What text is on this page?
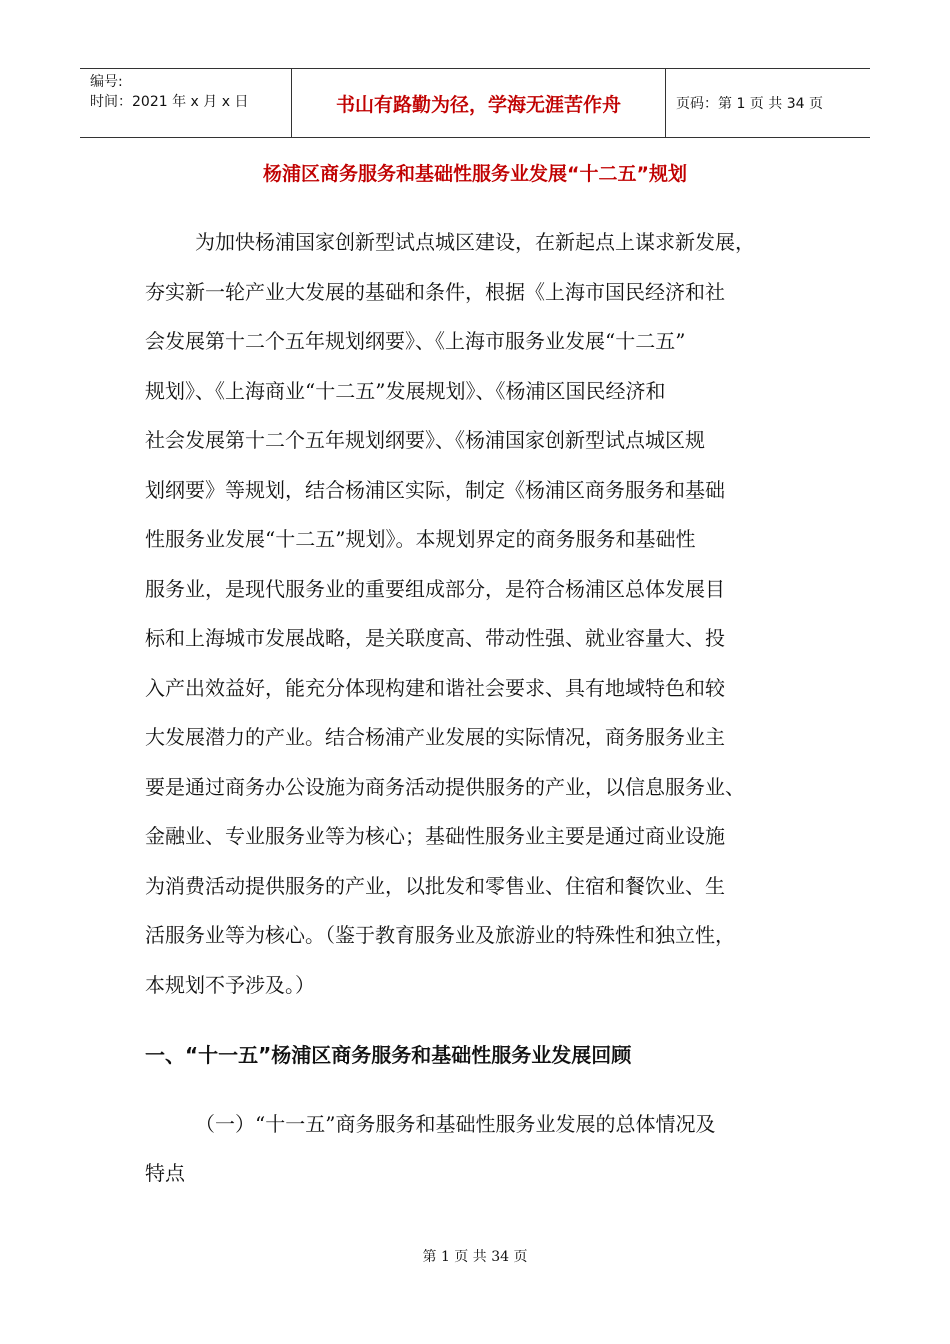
编号:
时间：2021 年 x 月 x 日	书山有路勤为径，学海无涯苦作舟	页码：第 1 页 共 34 页
杨浦区商务服务和基础性服务业发展“十二五”规划
为加快杨浦国家创新型试点城区建设，在新起点上谋求新发展，
夯实新一轮产业大发展的基础和条件，根据《上海市国民经济和社
会发展第十二个五年规划纲要》、《上海市服务业发展“十二五”
规划》、《上海商业“十二五”发展规划》、《杨浦区国民经济和
社会发展第十二个五年规划纲要》、《杨浦国家创新型试点城区规
划纲要》等规划，结合杨浦区实际，制定《杨浦区商务服务和基础
性服务业发展“十二五”规划》。本规划界定的商务服务和基础性
服务业，是现代服务业的重要组成部分，是符合杨浦区总体发展目
标和上海城市发展战略，是关联度高、带动性强、就业容量大、投
入产出效益好，能充分体现构建和谐社会要求、具有地域特色和较
大发展潜力的产业。结合杨浦产业发展的实际情况，商务服务业主
要是通过商务办公设施为商务活动提供服务的产业，以信息服务业、
金融业、专业服务业等为核心；基础性服务业主要是通过商业设施
为消费活动提供服务的产业，以批发和零售业、住宿和餐饮业、生
活服务业等为核心。（鉴于教育服务业及旅游业的特殊性和独立性，
本规划不予涉及。）
一、“十一五”杨浦区商务服务和基础性服务业发展回顾
（一）“十一五”商务服务和基础性服务业发展的总体情况及
特点
第 1 页 共 34 页
